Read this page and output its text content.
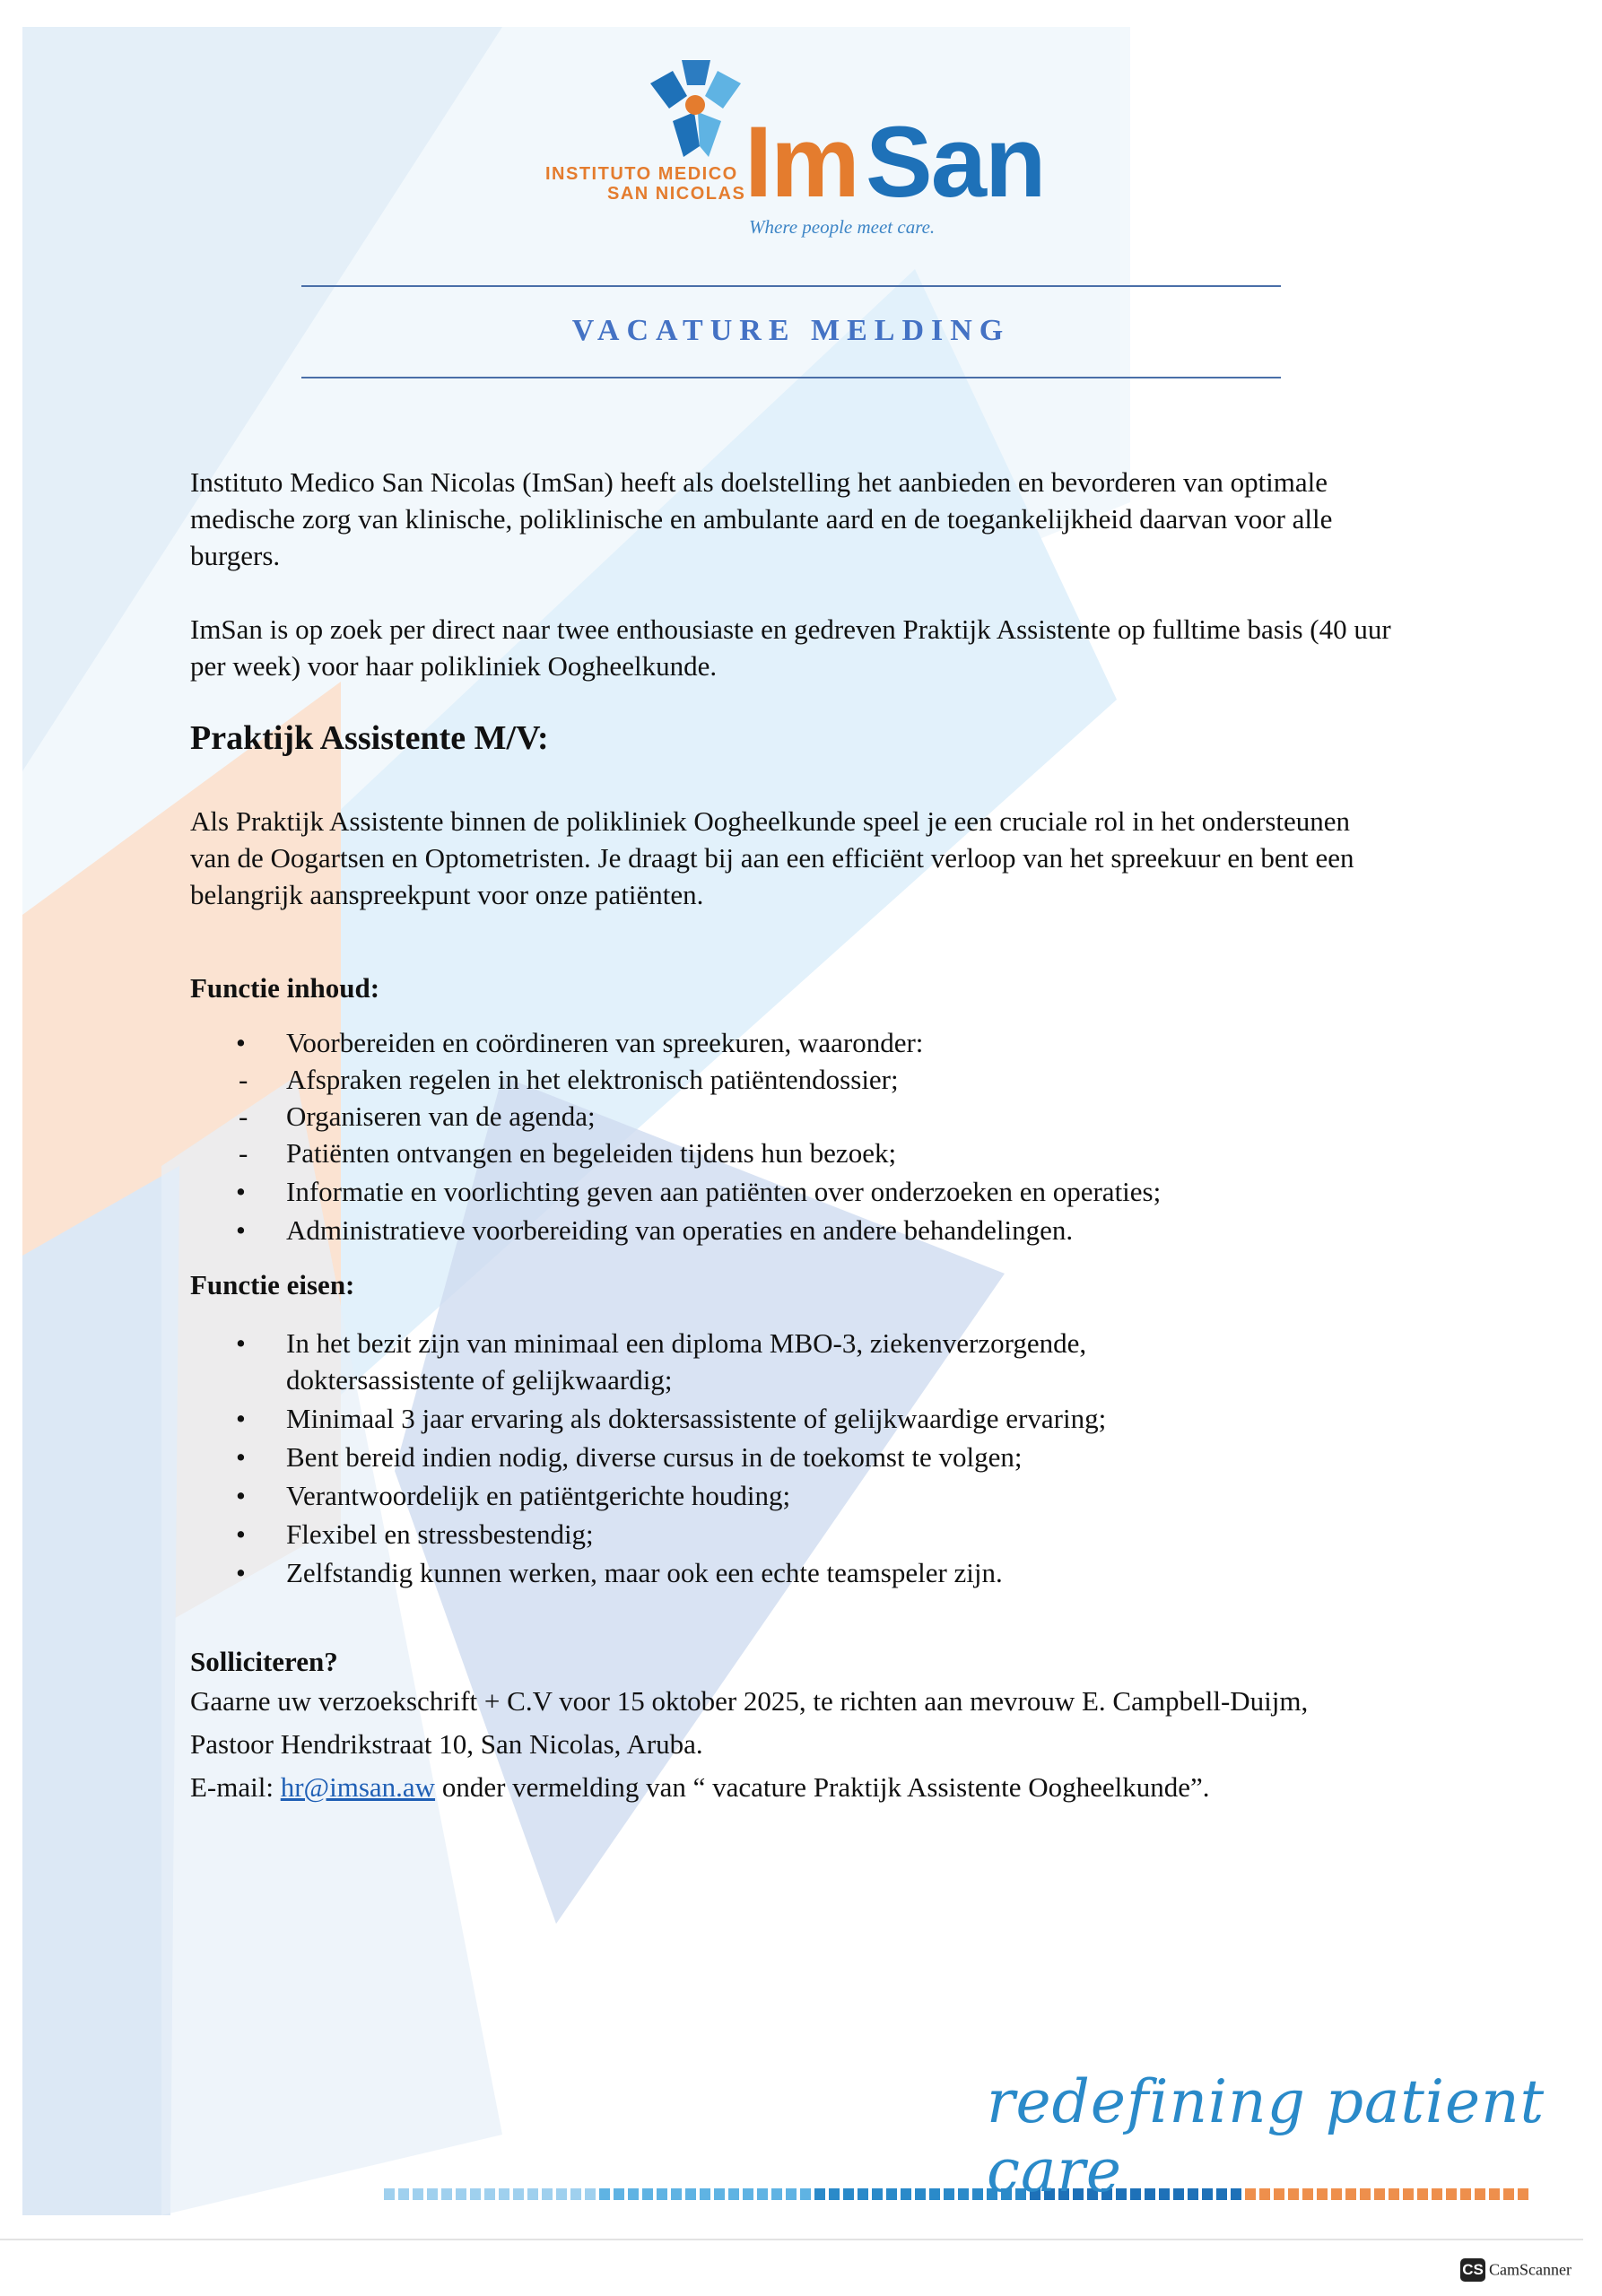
INSTITUTO MEDICO
SAN NICOLAS
Im San
Where people meet care.
VACATURE MELDING

Instituto Medico San Nicolas (ImSan) heeft als doelstelling het aanbieden en bevorderen van optimale medische zorg van klinische, poliklinische en ambulante aard en de toegankelijkheid daarvan voor alle burgers.

ImSan is op zoek per direct naar twee enthousiaste en gedreven Praktijk Assistente op fulltime basis (40 uur per week) voor haar polikliniek Oogheelkunde.

Praktijk Assistente M/V:

Als Praktijk Assistente binnen de polikliniek Oogheelkunde speel je een cruciale rol in het ondersteunen van de Oogartsen en Optometristen. Je draagt bij aan een efficiënt verloop van het spreekuur en bent een belangrijk aanspreekpunt voor onze patiënten.

Functie inhoud:

• Voorbereiden en coördineren van spreekuren, waaronder:
- Afspraken regelen in het elektronisch patiëntendossier;
- Organiseren van de agenda;
- Patiënten ontvangen en begeleiden tijdens hun bezoek;
• Informatie en voorlichting geven aan patiënten over onderzoeken en operaties;
• Administratieve voorbereiding van operaties en andere behandelingen.

Functie eisen:

• In het bezit zijn van minimaal een diploma MBO-3, ziekenverzorgende, doktersassistente of gelijkwaardig;
• Minimaal 3 jaar ervaring als doktersassistente of gelijkwaardige ervaring;
• Bent bereid indien nodig, diverse cursus in de toekomst te volgen;
• Verantwoordelijk en patiëntgerichte houding;
• Flexibel en stressbestendig;
• Zelfstandig kunnen werken, maar ook een echte teamspeler zijn.

Solliciteren?

Gaarne uw verzoekschrift + C.V voor 15 oktober 2025, te richten aan mevrouw E. Campbell-Duijm, Pastoor Hendrikstraat 10, San Nicolas, Aruba.

E-mail: hr@imsan.aw onder vermelding van “ vacature Praktijk Assistente Oogheelkunde”.

redefining patient care
CS CamScanner
